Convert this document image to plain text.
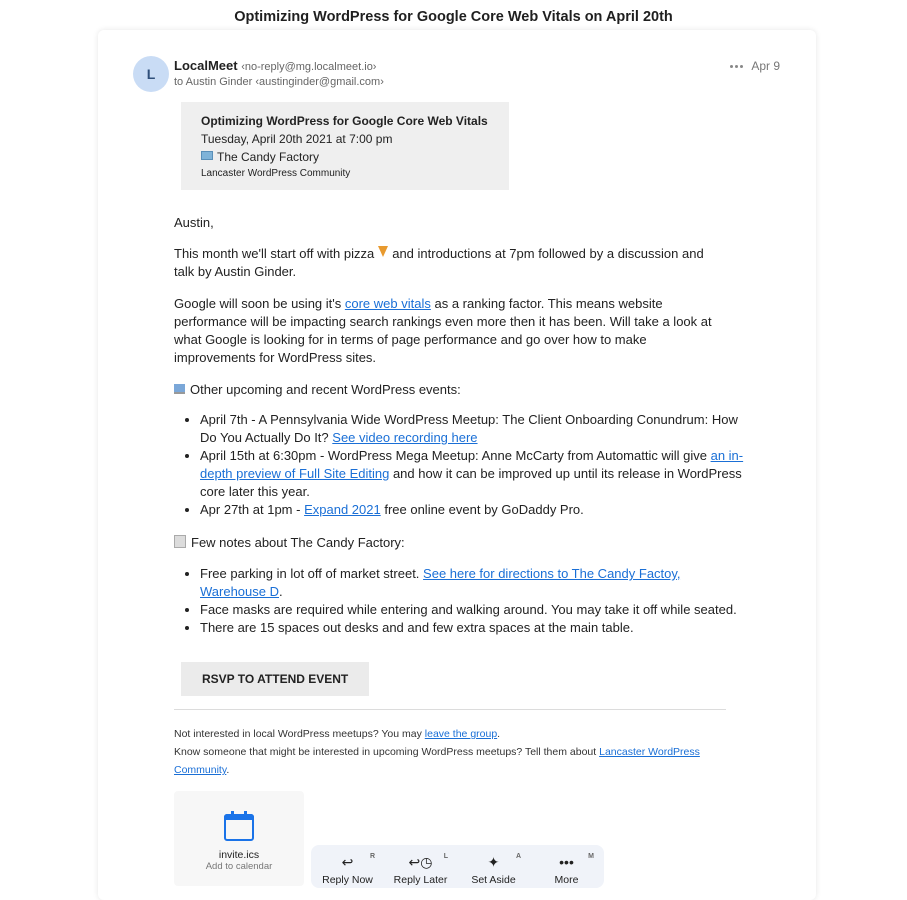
Optimizing WordPress for Google Core Web Vitals on April 20th
L
LocalMeet ‹no-reply@mg.localmeet.io›
to Austin Ginder ‹austinginder@gmail.com›
Apr 9
Optimizing WordPress for Google Core Web Vitals
Tuesday, April 20th 2021 at 7:00 pm
The Candy Factory
Lancaster WordPress Community

Austin,

This month we'll start off with pizza and introductions at 7pm followed by a discussion and talk by Austin Ginder.

Google will soon be using it's core web vitals as a ranking factor. This means website performance will be impacting search rankings even more then it has been. Will take a look at what Google is looking for in terms of page performance and go over how to make improvements for WordPress sites.

Other upcoming and recent WordPress events:

• April 7th - A Pennsylvania Wide WordPress Meetup: The Client Onboarding Conundrum: How Do You Actually Do It? See video recording here
• April 15th at 6:30pm - WordPress Mega Meetup: Anne McCarty from Automattic will give an in-depth preview of Full Site Editing and how it can be improved up until its release in WordPress core later this year.
• Apr 27th at 1pm - Expand 2021 free online event by GoDaddy Pro.

Few notes about The Candy Factory:

• Free parking in lot off of market street. See here for directions to The Candy Factoy, Warehouse D.
• Face masks are required while entering and walking around. You may take it off while seated.
• There are 15 spaces out desks and and few extra spaces at the main table.
RSVP TO ATTEND EVENT
Not interested in local WordPress meetups? You may leave the group.
Know someone that might be interested in upcoming WordPress meetups? Tell them about Lancaster WordPress Community.
invite.ics
Add to calendar	↩
Reply Now
R	↩◷
Reply Later
L	✦
Set Aside
A	•••
More
M
